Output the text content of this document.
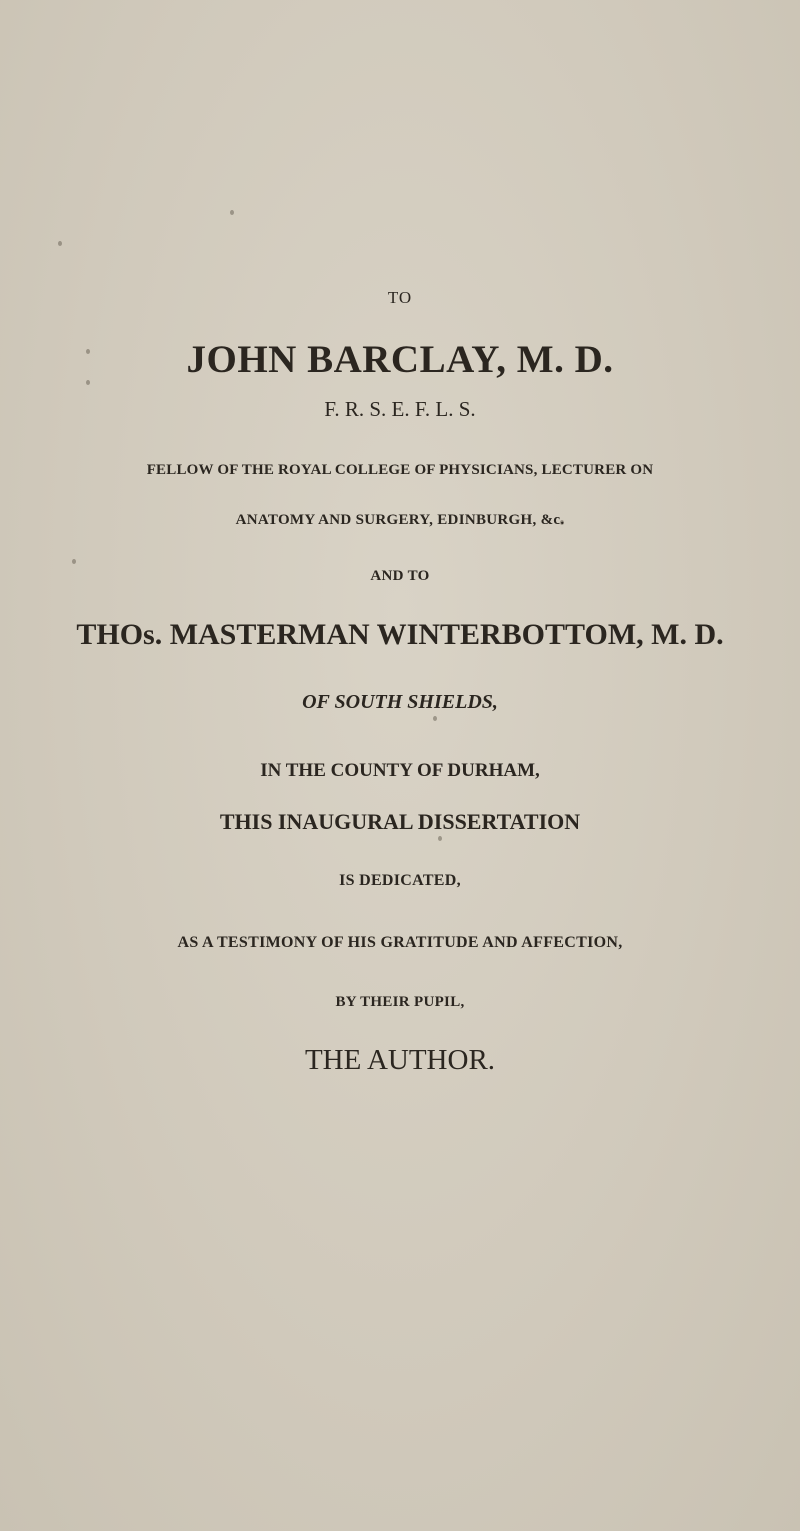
TO
JOHN BARCLAY, M. D.
F. R. S. E. F. L. S.
FELLOW OF THE ROYAL COLLEGE OF PHYSICIANS, LECTURER ON
ANATOMY AND SURGERY, EDINBURGH, &c.
AND TO
THOs. MASTERMAN WINTERBOTTOM, M. D.
OF SOUTH SHIELDS,
IN THE COUNTY OF DURHAM,
THIS INAUGURAL DISSERTATION
IS DEDICATED,
AS A TESTIMONY OF HIS GRATITUDE AND AFFECTION,
BY THEIR PUPIL,
THE AUTHOR.
